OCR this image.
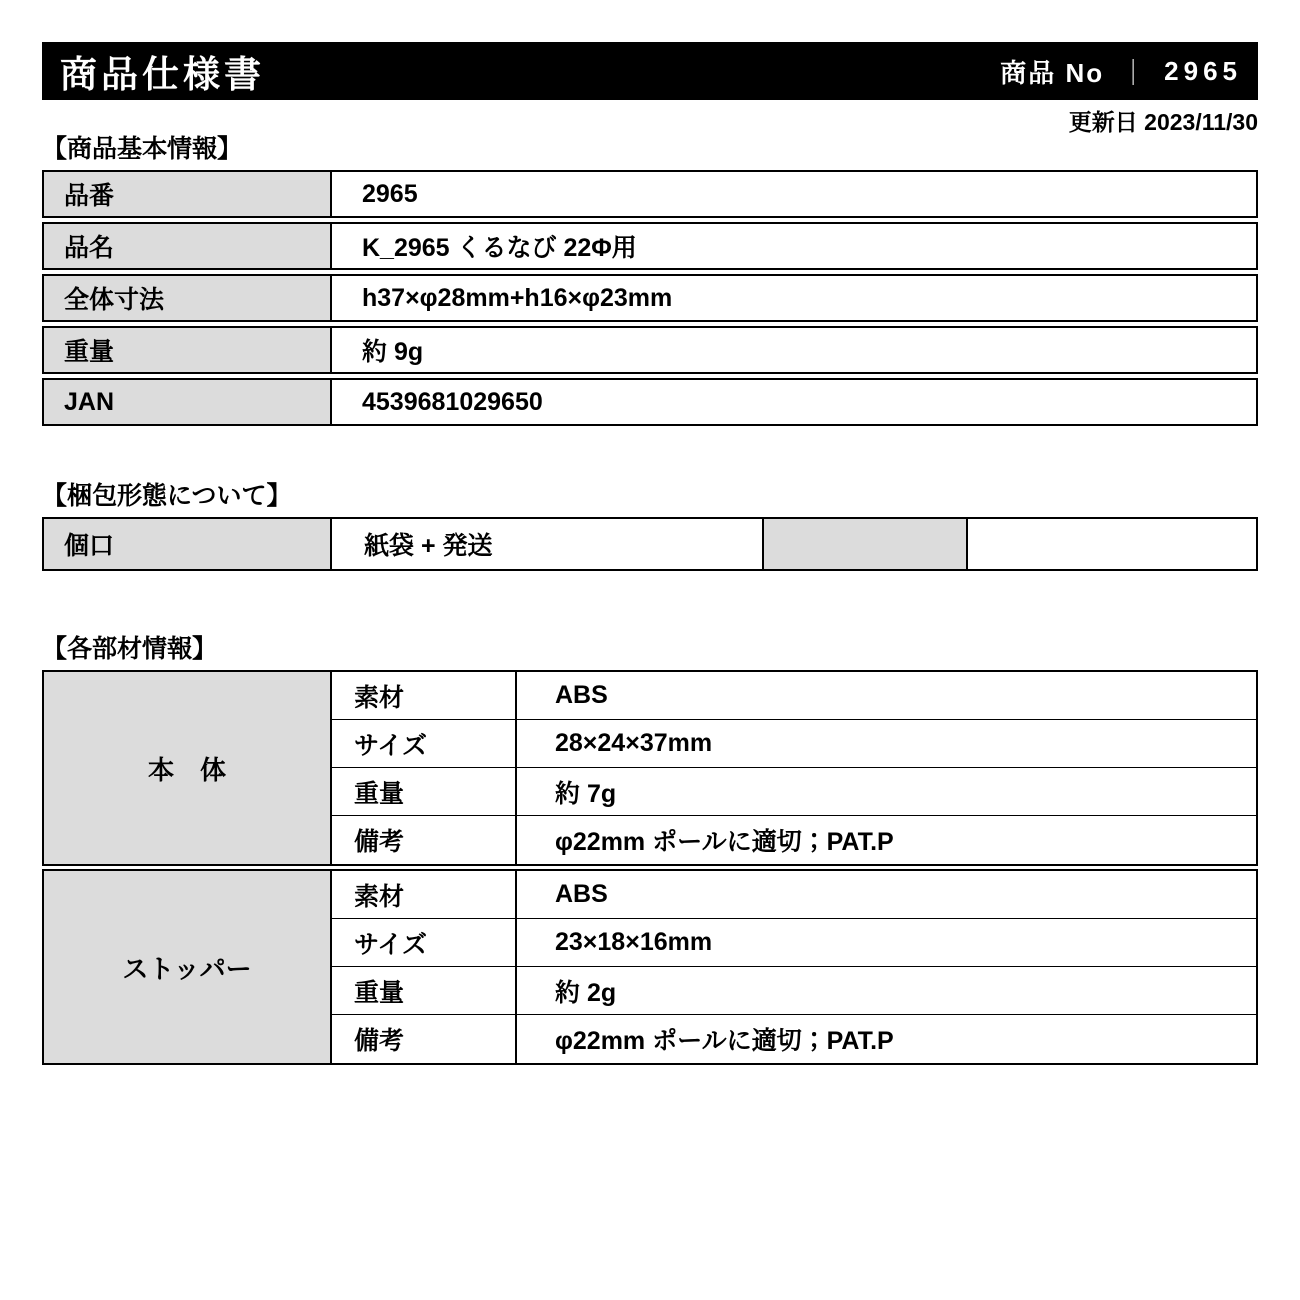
商品仕様書	商品 No ｜ 2965
更新日 2023/11/30
【商品基本情報】
品番	2965
品名	K_2965 くるなび 22Φ用
全体寸法	h37×φ28mm+h16×φ23mm
重量	約 9g
JAN	4539681029650
【梱包形態について】
個口	紙袋 + 発送
【各部材情報】
本　体
素材	ABS
サイズ	28×24×37mm
重量	約 7g
備考	φ22mm ポールに適切；PAT.P
ストッパー
素材	ABS
サイズ	23×18×16mm
重量	約 2g
備考	φ22mm ポールに適切；PAT.P
